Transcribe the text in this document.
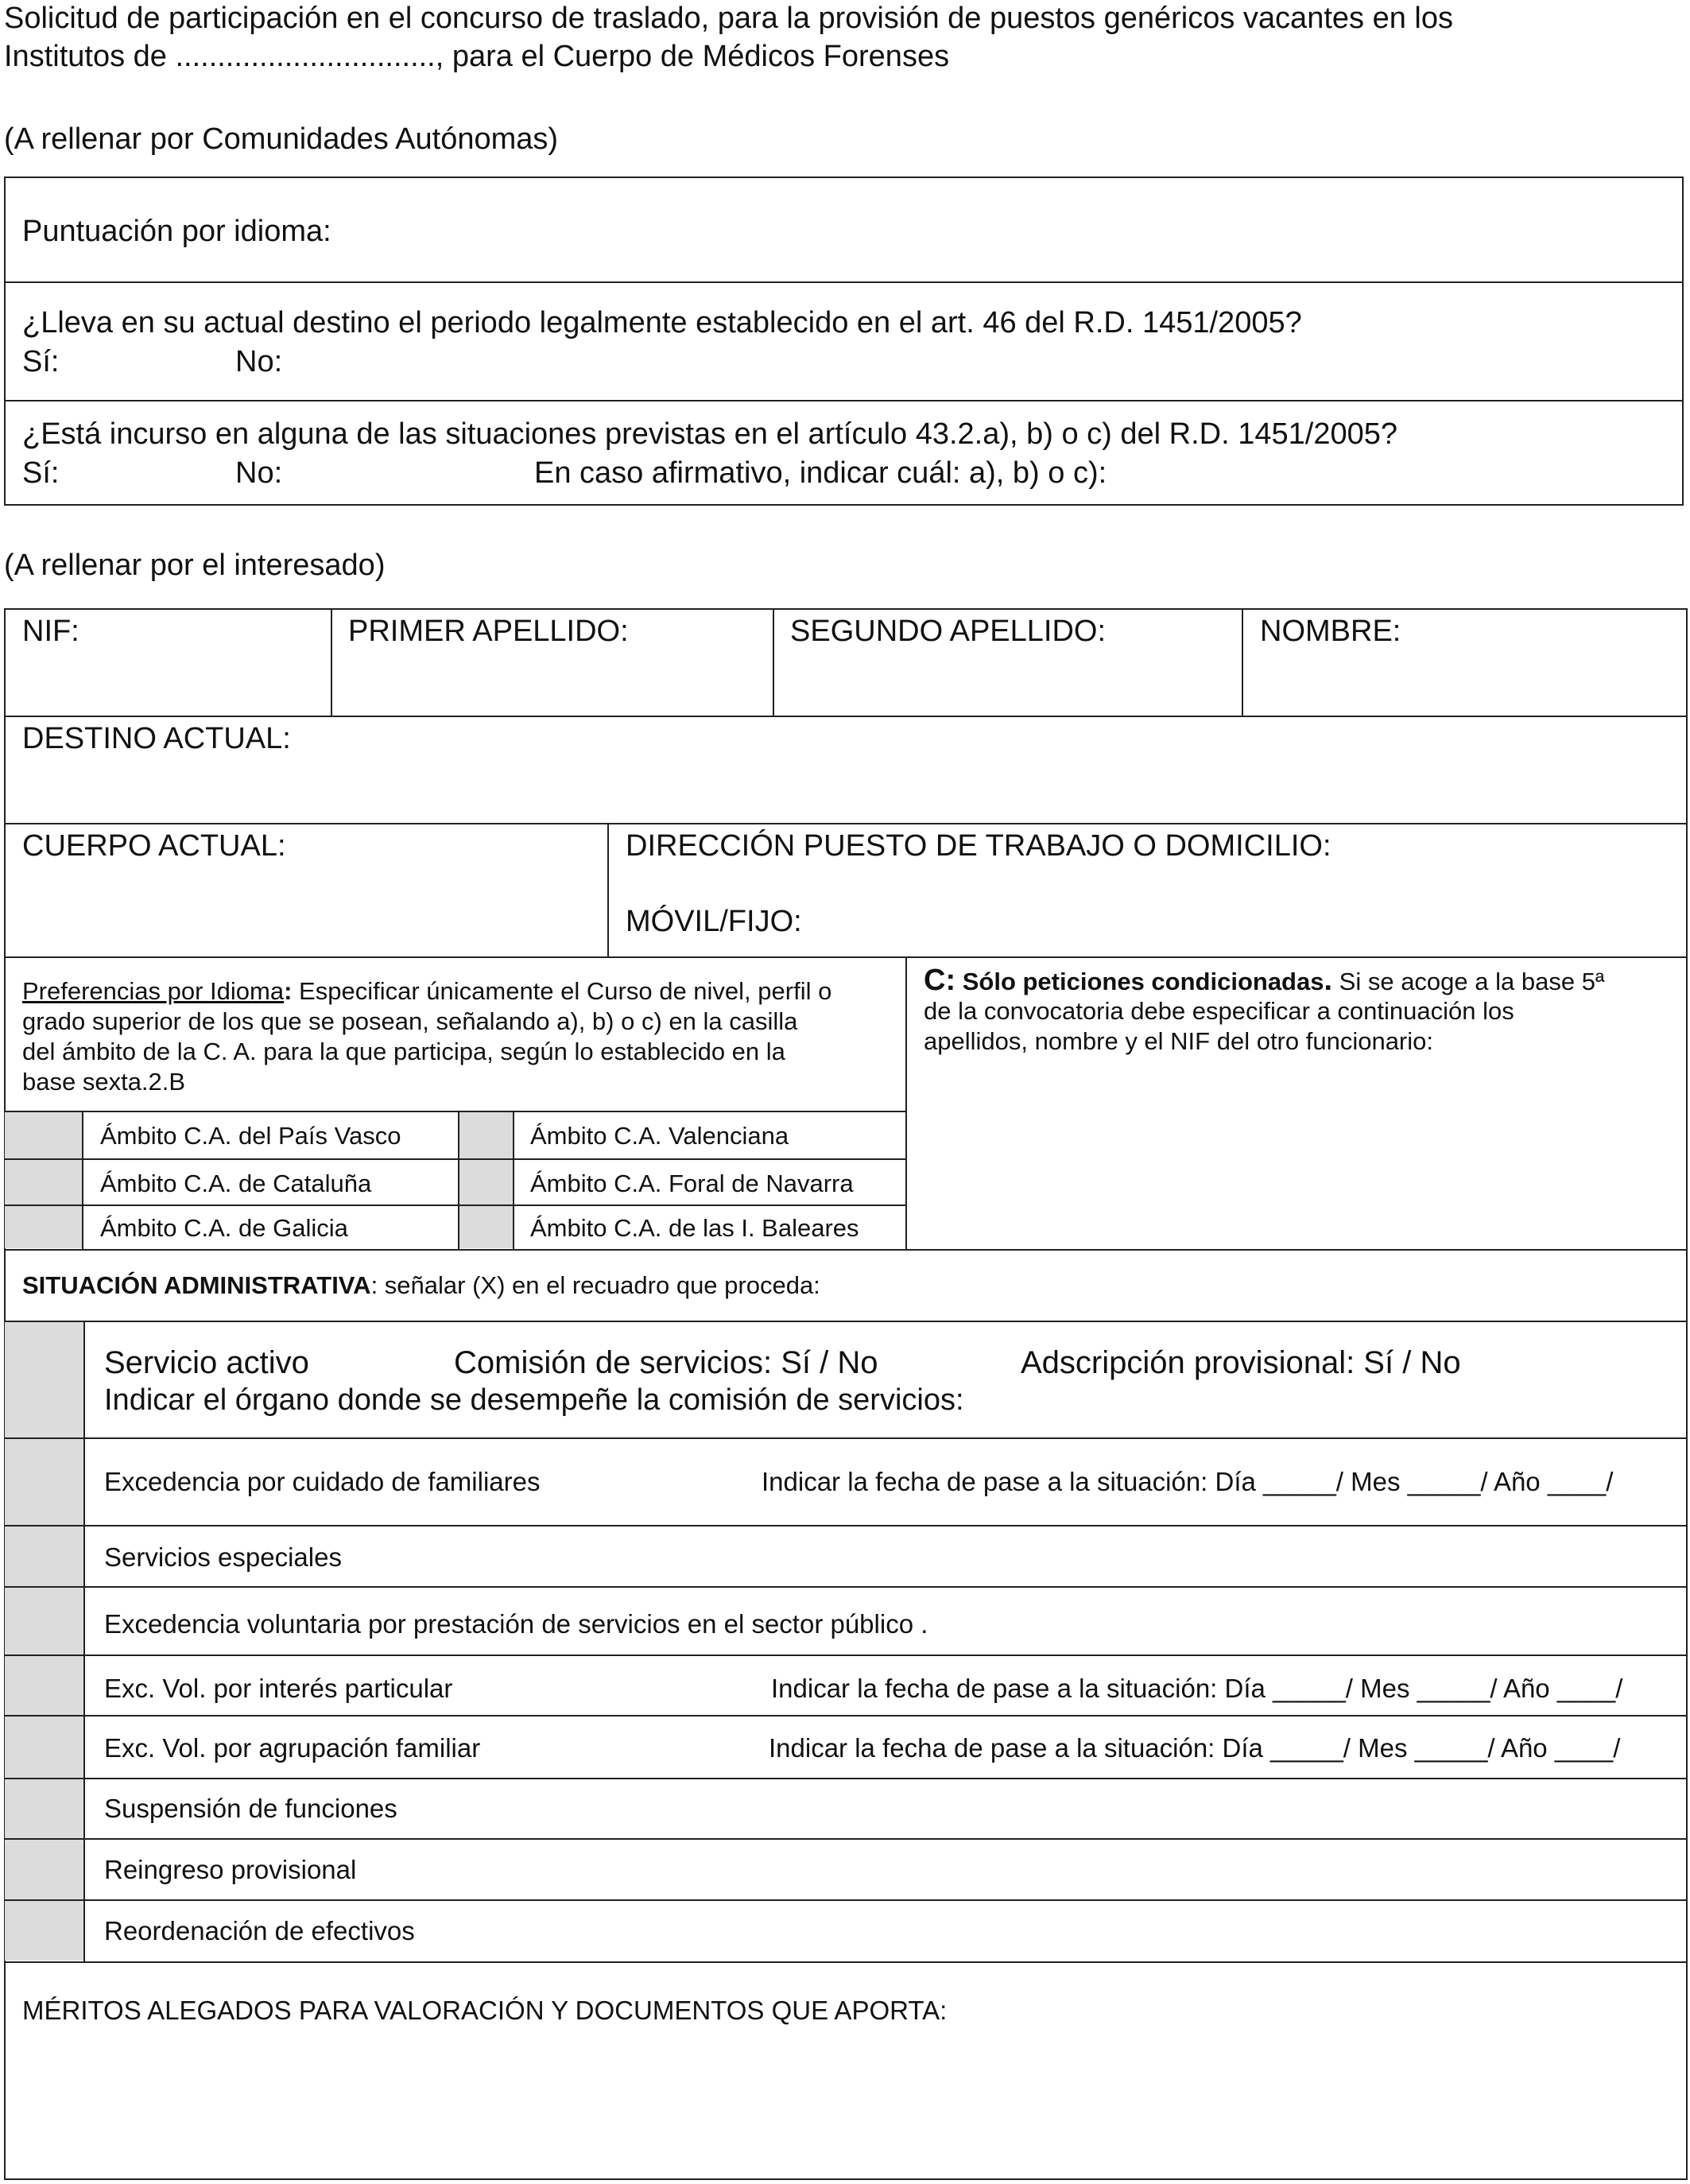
Solicitud de participación en el concurso de traslado, para la provisión de puestos genéricos vacantes en los
Institutos de ..............................., para el Cuerpo de Médicos Forenses
(A rellenar por Comunidades Autónomas)
Puntuación por idioma:
¿Lleva en su actual destino el periodo legalmente establecido en el art. 46 del R.D. 1451/2005?
Sí:	No:
¿Está incurso en alguna de las situaciones previstas en el artículo 43.2.a), b) o c) del R.D. 1451/2005?
Sí:	No:	En caso afirmativo, indicar cuál: a), b) o c):
(A rellenar por el interesado)
NIF:	PRIMER APELLIDO:	SEGUNDO APELLIDO:	NOMBRE:
DESTINO ACTUAL:
CUERPO ACTUAL:	DIRECCIÓN PUESTO DE TRABAJO O DOMICILIO:
MÓVIL/FIJO:
Preferencias por Idioma: Especificar únicamente el Curso de nivel, perfil o
grado superior de los que se posean, señalando a), b) o c) en la casilla
del ámbito de la C. A. para la que participa, según lo establecido en la
base sexta.2.B
Ámbito C.A. del País Vasco	Ámbito C.A. Valenciana
Ámbito C.A. de Cataluña	Ámbito C.A. Foral de Navarra
Ámbito C.A. de Galicia	Ámbito C.A. de las I. Baleares
C: Sólo peticiones condicionadas. Si se acoge a la base 5ª
de la convocatoria debe especificar a continuación los
apellidos, nombre y el NIF del otro funcionario:
SITUACIÓN ADMINISTRATIVA: señalar (X) en el recuadro que proceda:
Servicio activo	Comisión de servicios: Sí / No	Adscripción provisional: Sí / No
Indicar el órgano donde se desempeñe la comisión de servicios:
Excedencia por cuidado de familiares	Indicar la fecha de pase a la situación: Día _____/ Mes _____/ Año ____/
Servicios especiales
Excedencia voluntaria por prestación de servicios en el sector público .
Exc. Vol. por interés particular	Indicar la fecha de pase a la situación: Día _____/ Mes _____/ Año ____/
Exc. Vol. por agrupación familiar	Indicar la fecha de pase a la situación: Día _____/ Mes _____/ Año ____/
Suspensión de funciones
Reingreso provisional
Reordenación de efectivos
MÉRITOS ALEGADOS PARA VALORACIÓN Y DOCUMENTOS QUE APORTA:
